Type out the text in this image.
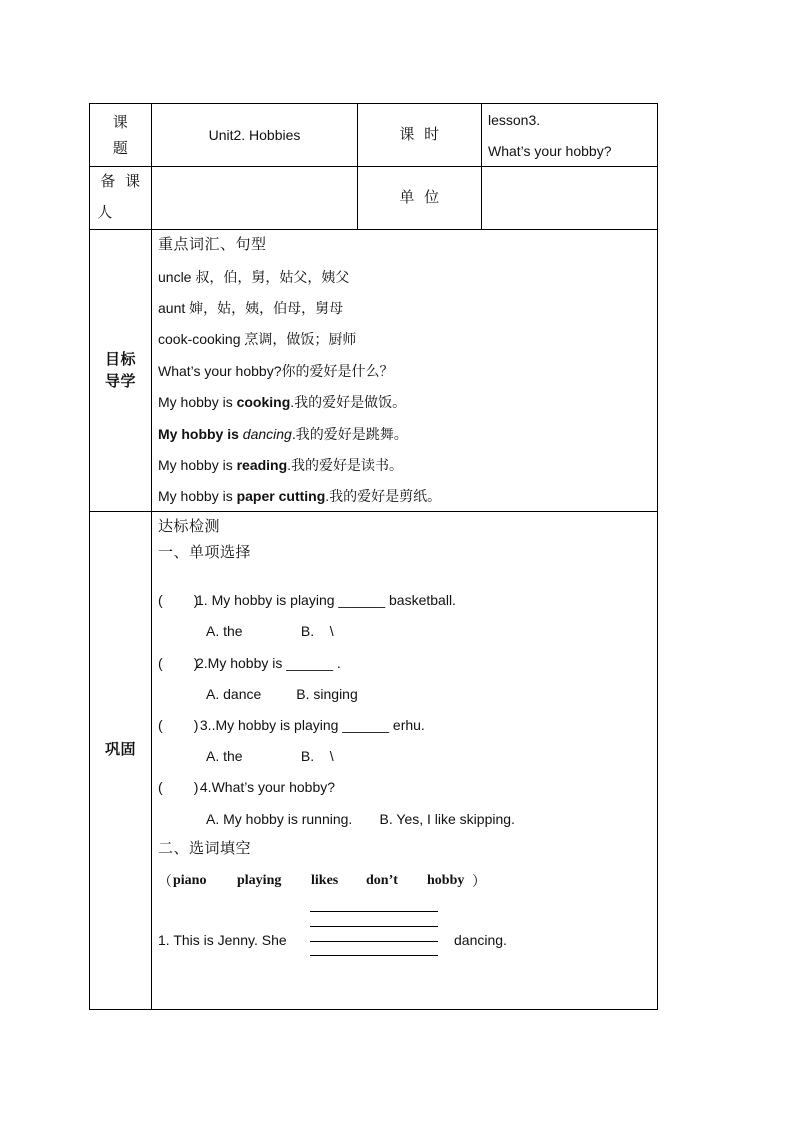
课
题
Unit2. Hobbies	课  时
lesson3.
What’s your hobby?
备  课
人
单  位
目标
导学
重点词汇、句型
uncle 叔，伯，舅，姑父，姨父
aunt 婶，姑，姨，伯母，舅母
cook-cooking 烹调，做饭；厨师
What’s your hobby?你的爱好是什么？
My hobby is cooking.我的爱好是做饭。
My hobby is dancing.我的爱好是跳舞。
My hobby is reading.我的爱好是读书。
My hobby is paper cutting.我的爱好是剪纸。
巩固
达标检测
一、单项选择
(        )
1. My hobby is playing ______ basketball.
A. the               B.    \
(        )
2.My hobby is ______ .
A. dance         B. singing
(        )
3..My hobby is playing ______ erhu.
A. the               B.    \
(        )
4.What’s your hobby?
A. My hobby is running.       B. Yes, I like skipping.
二、选词填空
（ piano playing likes don’t hobby ）
1. This is Jenny. She	dancing.
